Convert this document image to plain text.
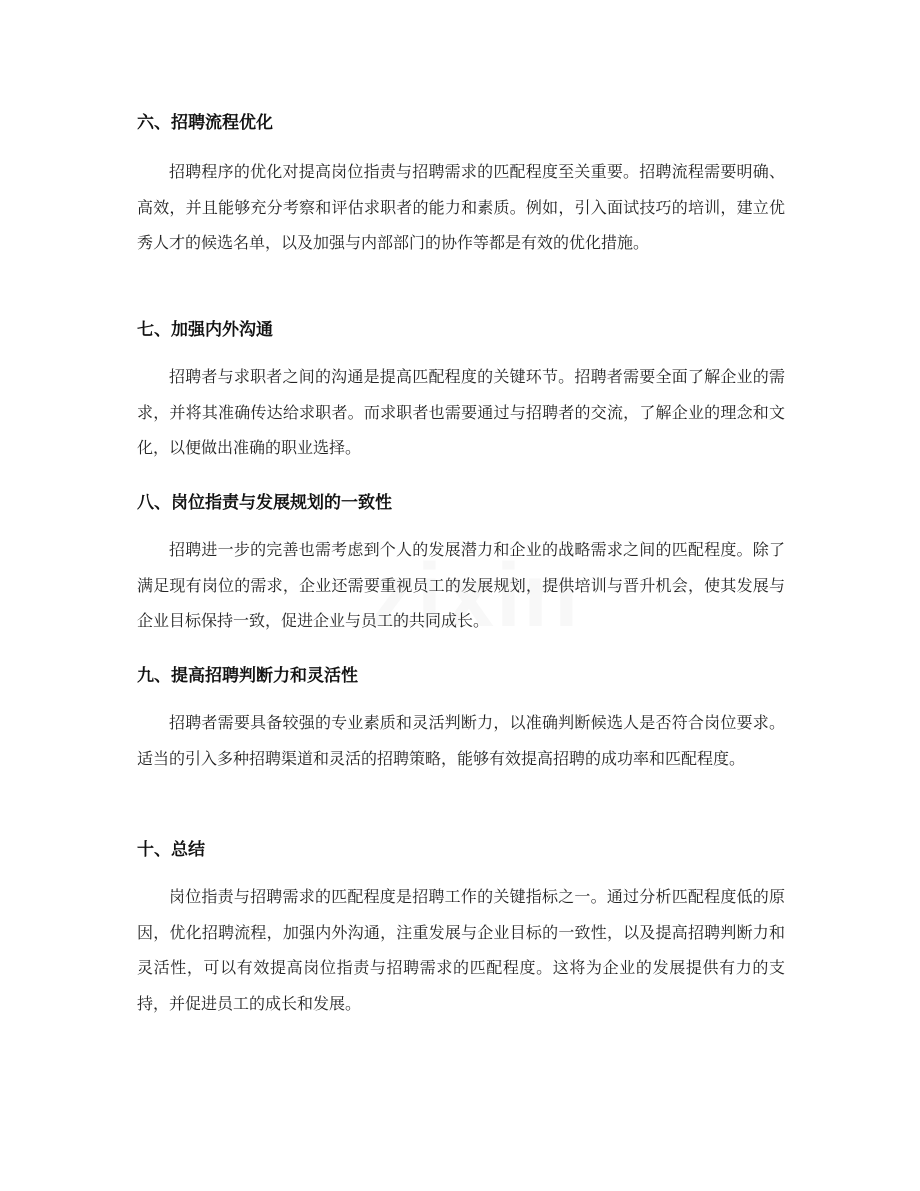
六、招聘流程优化

招聘程序的优化对提高岗位指责与招聘需求的匹配程度至关重要。招聘流程需要明确、高效，并且能够充分考察和评估求职者的能力和素质。例如，引入面试技巧的培训，建立优秀人才的候选名单，以及加强与内部部门的协作等都是有效的优化措施。

七、加强内外沟通

招聘者与求职者之间的沟通是提高匹配程度的关键环节。招聘者需要全面了解企业的需求，并将其准确传达给求职者。而求职者也需要通过与招聘者的交流，了解企业的理念和文化，以便做出准确的职业选择。

八、岗位指责与发展规划的一致性

招聘进一步的完善也需考虑到个人的发展潜力和企业的战略需求之间的匹配程度。除了满足现有岗位的需求，企业还需要重视员工的发展规划，提供培训与晋升机会，使其发展与企业目标保持一致，促进企业与员工的共同成长。

九、提高招聘判断力和灵活性

招聘者需要具备较强的专业素质和灵活判断力，以准确判断候选人是否符合岗位要求。适当的引入多种招聘渠道和灵活的招聘策略，能够有效提高招聘的成功率和匹配程度。

十、总结

岗位指责与招聘需求的匹配程度是招聘工作的关键指标之一。通过分析匹配程度低的原因，优化招聘流程，加强内外沟通，注重发展与企业目标的一致性，以及提高招聘判断力和灵活性，可以有效提高岗位指责与招聘需求的匹配程度。这将为企业的发展提供有力的支持，并促进员工的成长和发展。
